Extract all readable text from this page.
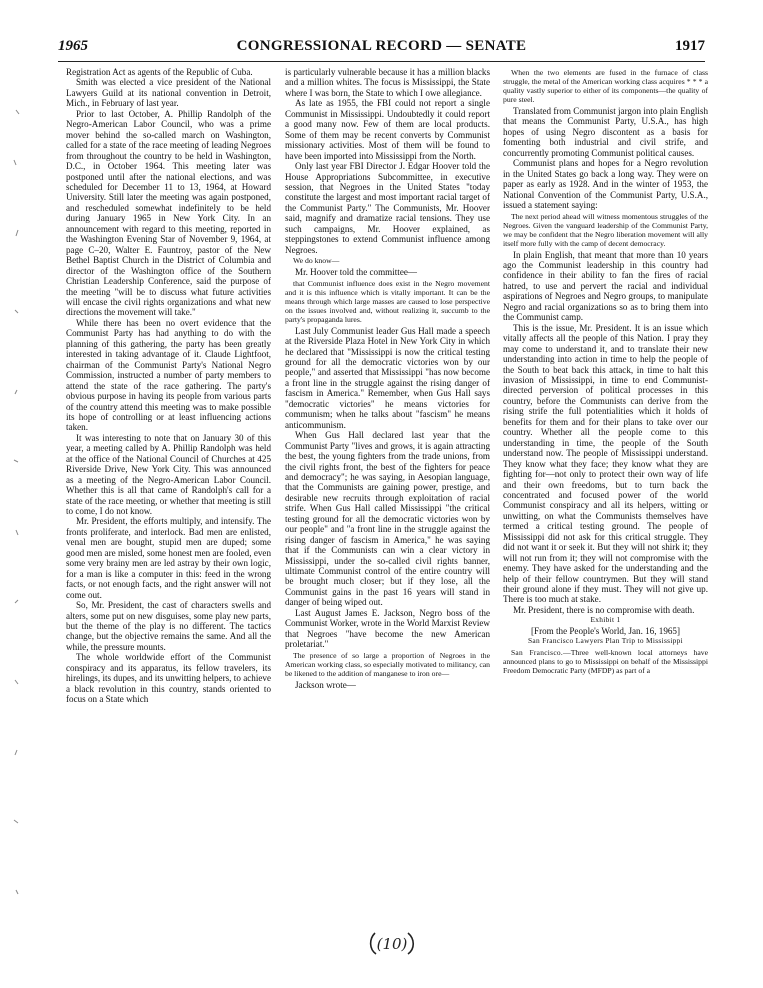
1965	CONGRESSIONAL RECORD — SENATE	1917

Registration Act as agents of the Republic of Cuba.

Smith was elected a vice president of the National Lawyers Guild at its national convention in Detroit, Mich., in February of last year.

Prior to last October, A. Phillip Randolph of the Negro-American Labor Council, who was a prime mover behind the so-called march on Washington, called for a state of the race meeting of leading Negroes from throughout the country to be held in Washington, D.C., in October 1964. This meeting later was postponed until after the national elections, and was scheduled for December 11 to 13, 1964, at Howard University. Still later the meeting was again postponed, and rescheduled somewhat indefinitely to be held during January 1965 in New York City. In an announcement with regard to this meeting, reported in the Washington Evening Star of November 9, 1964, at page C–20, Walter E. Fauntroy, pastor of the New Bethel Baptist Church in the District of Columbia and director of the Washington office of the Southern Christian Leadership Conference, said the purpose of the meeting "will be to discuss what future activities will encase the civil rights organizations and what new directions the movement will take."

While there has been no overt evidence that the Communist Party has had anything to do with the planning of this gathering, the party has been greatly interested in taking advantage of it. Claude Lightfoot, chairman of the Communist Party's National Negro Commission, instructed a number of party members to attend the state of the race gathering. The party's obvious purpose in having its people from various parts of the country attend this meeting was to make possible its hope of controlling or at least influencing actions taken.

It was interesting to note that on January 30 of this year, a meeting called by A. Phillip Randolph was held at the office of the National Council of Churches at 425 Riverside Drive, New York City. This was announced as a meeting of the Negro-American Labor Council. Whether this is all that came of Randolph's call for a state of the race meeting, or whether that meeting is still to come, I do not know.

Mr. President, the efforts multiply, and intensify. The fronts proliferate, and interlock. Bad men are enlisted, venal men are bought, stupid men are duped; some good men are misled, some honest men are fooled, even some very brainy men are led astray by their own logic, for a man is like a computer in this: feed in the wrong facts, or not enough facts, and the right answer will not come out.

So, Mr. President, the cast of characters swells and alters, some put on new disguises, some play new parts, but the theme of the play is no different. The tactics change, but the objective remains the same. And all the while, the pressure mounts.

The whole worldwide effort of the Communist conspiracy and its apparatus, its fellow travelers, its hirelings, its dupes, and its unwitting helpers, to achieve a black revolution in this country, stands oriented to focus on a State which

is particularly vulnerable because it has a million blacks and a million whites. The focus is Mississippi, the State where I was born, the State to which I owe allegiance.

As late as 1955, the FBI could not report a single Communist in Mississippi. Undoubtedly it could report a good many now. Few of them are local products. Some of them may be recent converts by Communist missionary activities. Most of them will be found to have been imported into Mississippi from the North.

Only last year FBI Director J. Edgar Hoover told the House Appropriations Subcommittee, in executive session, that Negroes in the United States "today constitute the largest and most important racial target of the Communist Party." The Communists, Mr. Hoover said, magnify and dramatize racial tensions. They use such campaigns, Mr. Hoover explained, as steppingstones to extend Communist influence among Negroes.

We do know—

Mr. Hoover told the committee—

that Communist influence does exist in the Negro movement and it is this influence which is vitally important. It can be the means through which large masses are caused to lose perspective on the issues involved and, without realizing it, succumb to the party's propaganda lures.

Last July Communist leader Gus Hall made a speech at the Riverside Plaza Hotel in New York City in which he declared that "Mississippi is now the critical testing ground for all the democratic victories won by our people," and asserted that Mississippi "has now become a front line in the struggle against the rising danger of fascism in America." Remember, when Gus Hall says "democratic victories" he means victories for communism; when he talks about "fascism" he means anticommunism.

When Gus Hall declared last year that the Communist Party "lives and grows, it is again attracting the best, the young fighters from the trade unions, from the civil rights front, the best of the fighters for peace and democracy"; he was saying, in Aesopian language, that the Communists are gaining power, prestige, and desirable new recruits through exploitation of racial strife. When Gus Hall called Mississippi "the critical testing ground for all the democratic victories won by our people" and "a front line in the struggle against the rising danger of fascism in America," he was saying that if the Communists can win a clear victory in Mississippi, under the so-called civil rights banner, ultimate Communist control of the entire country will be brought much closer; but if they lose, all the Communist gains in the past 16 years will stand in danger of being wiped out.

Last August James E. Jackson, Negro boss of the Communist Worker, wrote in the World Marxist Review that Negroes "have become the new American proletariat."

The presence of so large a proportion of Negroes in the American working class, so especially motivated to militancy, can be likened to the addition of manganese to iron ore—

Jackson wrote—

When the two elements are fused in the furnace of class struggle, the metal of the American working class acquires * * * a quality vastly superior to either of its components—the quality of pure steel.

Translated from Communist jargon into plain English that means the Communist Party, U.S.A., has high hopes of using Negro discontent as a basis for fomenting both industrial and civil strife, and concurrently promoting Communist political causes.

Communist plans and hopes for a Negro revolution in the United States go back a long way. They were on paper as early as 1928. And in the winter of 1953, the National Convention of the Communist Party, U.S.A., issued a statement saying:

The next period ahead will witness momentous struggles of the Negroes. Given the vanguard leadership of the Communist Party, we may be confident that the Negro liberation movement will ally itself more fully with the camp of decent democracy.

In plain English, that meant that more than 10 years ago the Communist leadership in this country had confidence in their ability to fan the fires of racial hatred, to use and pervert the racial and individual aspirations of Negroes and Negro groups, to manipulate Negro and racial organizations so as to bring them into the Communist camp.

This is the issue, Mr. President. It is an issue which vitally affects all the people of this Nation. I pray they may come to understand it, and to translate their new understanding into action in time to help the people of the South to beat back this attack, in time to halt this invasion of Mississippi, in time to end Communist-directed perversion of political processes in this country, before the Communists can derive from the rising strife the full potentialities which it holds of benefits for them and for their plans to take over our country. Whether all the people come to this understanding in time, the people of the South understand now. The people of Mississippi understand. They know what they face; they know what they are fighting for—not only to protect their own way of life and their own freedoms, but to turn back the concentrated and focused power of the world Communist conspiracy and all its helpers, witting or unwitting, on what the Communists themselves have termed a critical testing ground. The people of Mississippi did not ask for this critical struggle. They did not want it or seek it. But they will not shirk it; they will not run from it; they will not compromise with the enemy. They have asked for the understanding and the help of their fellow countrymen. But they will stand their ground alone if they must. They will not give up. There is too much at stake.

Mr. President, there is no compromise with death.

Exhibit 1

[From the People's World, Jan. 16, 1965]

San Francisco Lawyers Plan Trip to Mississippi

San Francisco.—Three well-known local attorneys have announced plans to go to Mississippi on behalf of the Mississippi Freedom Democratic Party (MFDP) as part of a

(10)
